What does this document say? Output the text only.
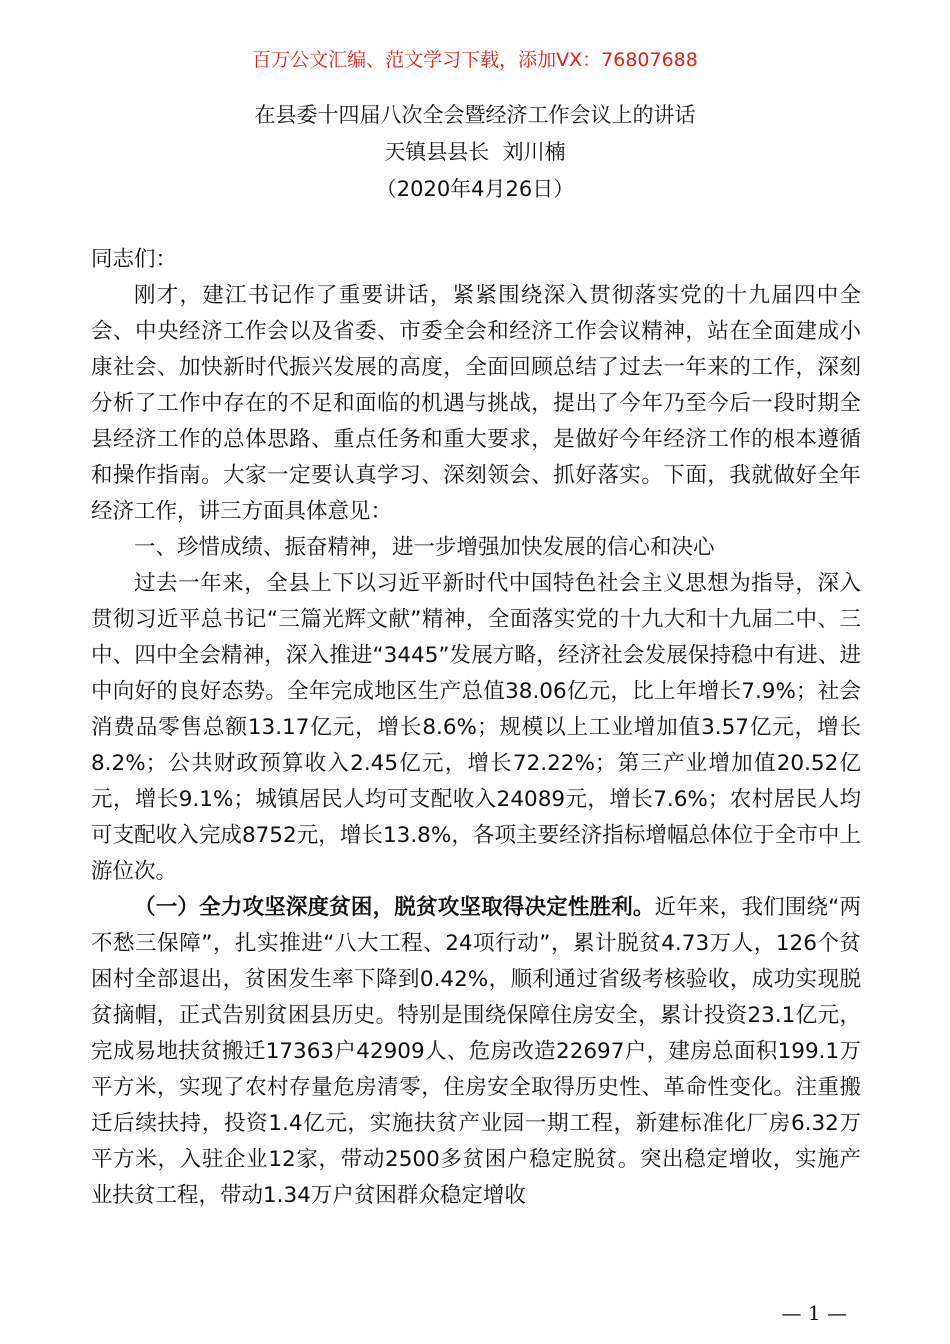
百万公文汇编、范文学习下载，添加VX：76807688
在县委十四届八次全会暨经济工作会议上的讲话
天镇县县长  刘川楠
（2020年4月26日）

同志们：

刚才，建江书记作了重要讲话，紧紧围绕深入贯彻落实党的十九届四中全会、中央经济工作会以及省委、市委全会和经济工作会议精神，站在全面建成小康社会、加快新时代振兴发展的高度，全面回顾总结了过去一年来的工作，深刻分析了工作中存在的不足和面临的机遇与挑战，提出了今年乃至今后一段时期全县经济工作的总体思路、重点任务和重大要求，是做好今年经济工作的根本遵循和操作指南。大家一定要认真学习、深刻领会、抓好落实。下面，我就做好全年经济工作，讲三方面具体意见：

一、珍惜成绩、振奋精神，进一步增强加快发展的信心和决心

过去一年来，全县上下以习近平新时代中国特色社会主义思想为指导，深入贯彻习近平总书记“三篇光辉文献”精神，全面落实党的十九大和十九届二中、三中、四中全会精神，深入推进“3445”发展方略，经济社会发展保持稳中有进、进中向好的良好态势。全年完成地区生产总值38.06亿元，比上年增长7.9%；社会消费品零售总额13.17亿元，增长8.6%；规模以上工业增加值3.57亿元，增长8.2%；公共财政预算收入2.45亿元，增长72.22%；第三产业增加值20.52亿元，增长9.1%；城镇居民人均可支配收入24089元，增长7.6%；农村居民人均可支配收入完成8752元，增长13.8%，各项主要经济指标增幅总体位于全市中上游位次。

（一）全力攻坚深度贫困，脱贫攻坚取得决定性胜利。近年来，我们围绕“两不愁三保障”，扎实推进“八大工程、24项行动”，累计脱贫4.73万人，126个贫困村全部退出，贫困发生率下降到0.42%，顺利通过省级考核验收，成功实现脱贫摘帽，正式告别贫困县历史。特别是围绕保障住房安全，累计投资23.1亿元，完成易地扶贫搬迁17363户42909人、危房改造22697户，建房总面积199.1万平方米，实现了农村存量危房清零，住房安全取得历史性、革命性变化。注重搬迁后续扶持，投资1.4亿元，实施扶贫产业园一期工程，新建标准化厂房6.32万平方米，入驻企业12家，带动2500多贫困户稳定脱贫。突出稳定增收，实施产业扶贫工程，带动1.34万户贫困群众稳定增收

— 1 —
